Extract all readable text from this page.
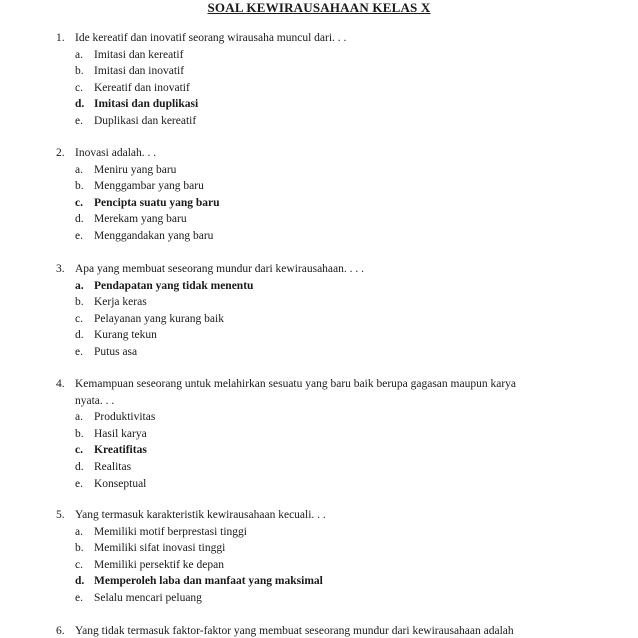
SOAL KEWIRAUSAHAAN KELAS X
1. Ide kereatif dan inovatif seorang wirausaha muncul dari. . .
a. Imitasi dan kereatif
b. Imitasi dan inovatif
c. Kereatif dan inovatif
d. Imitasi dan duplikasi
e. Duplikasi dan kereatif
2. Inovasi adalah. . .
a. Meniru yang baru
b. Menggambar yang baru
c. Pencipta suatu yang baru
d. Merekam yang baru
e. Menggandakan yang baru
3. Apa yang membuat seseorang mundur dari kewirausahaan. . . .
a. Pendapatan yang tidak menentu
b. Kerja keras
c. Pelayanan yang kurang baik
d. Kurang tekun
e. Putus asa
4. Kemampuan seseorang untuk melahirkan sesuatu yang baru baik berupa gagasan maupun karya
nyata. . .
a. Produktivitas
b. Hasil karya
c. Kreatifitas
d. Realitas
e. Konseptual
5. Yang termasuk karakteristik kewirausahaan kecuali. . .
a. Memiliki motif berprestasi tinggi
b. Memiliki sifat inovasi tinggi
c. Memiliki persektif ke depan
d. Memperoleh laba dan manfaat yang maksimal
e. Selalu mencari peluang
6. Yang tidak termasuk faktor-faktor yang membuat seseorang mundur dari kewirausahaan adalah
